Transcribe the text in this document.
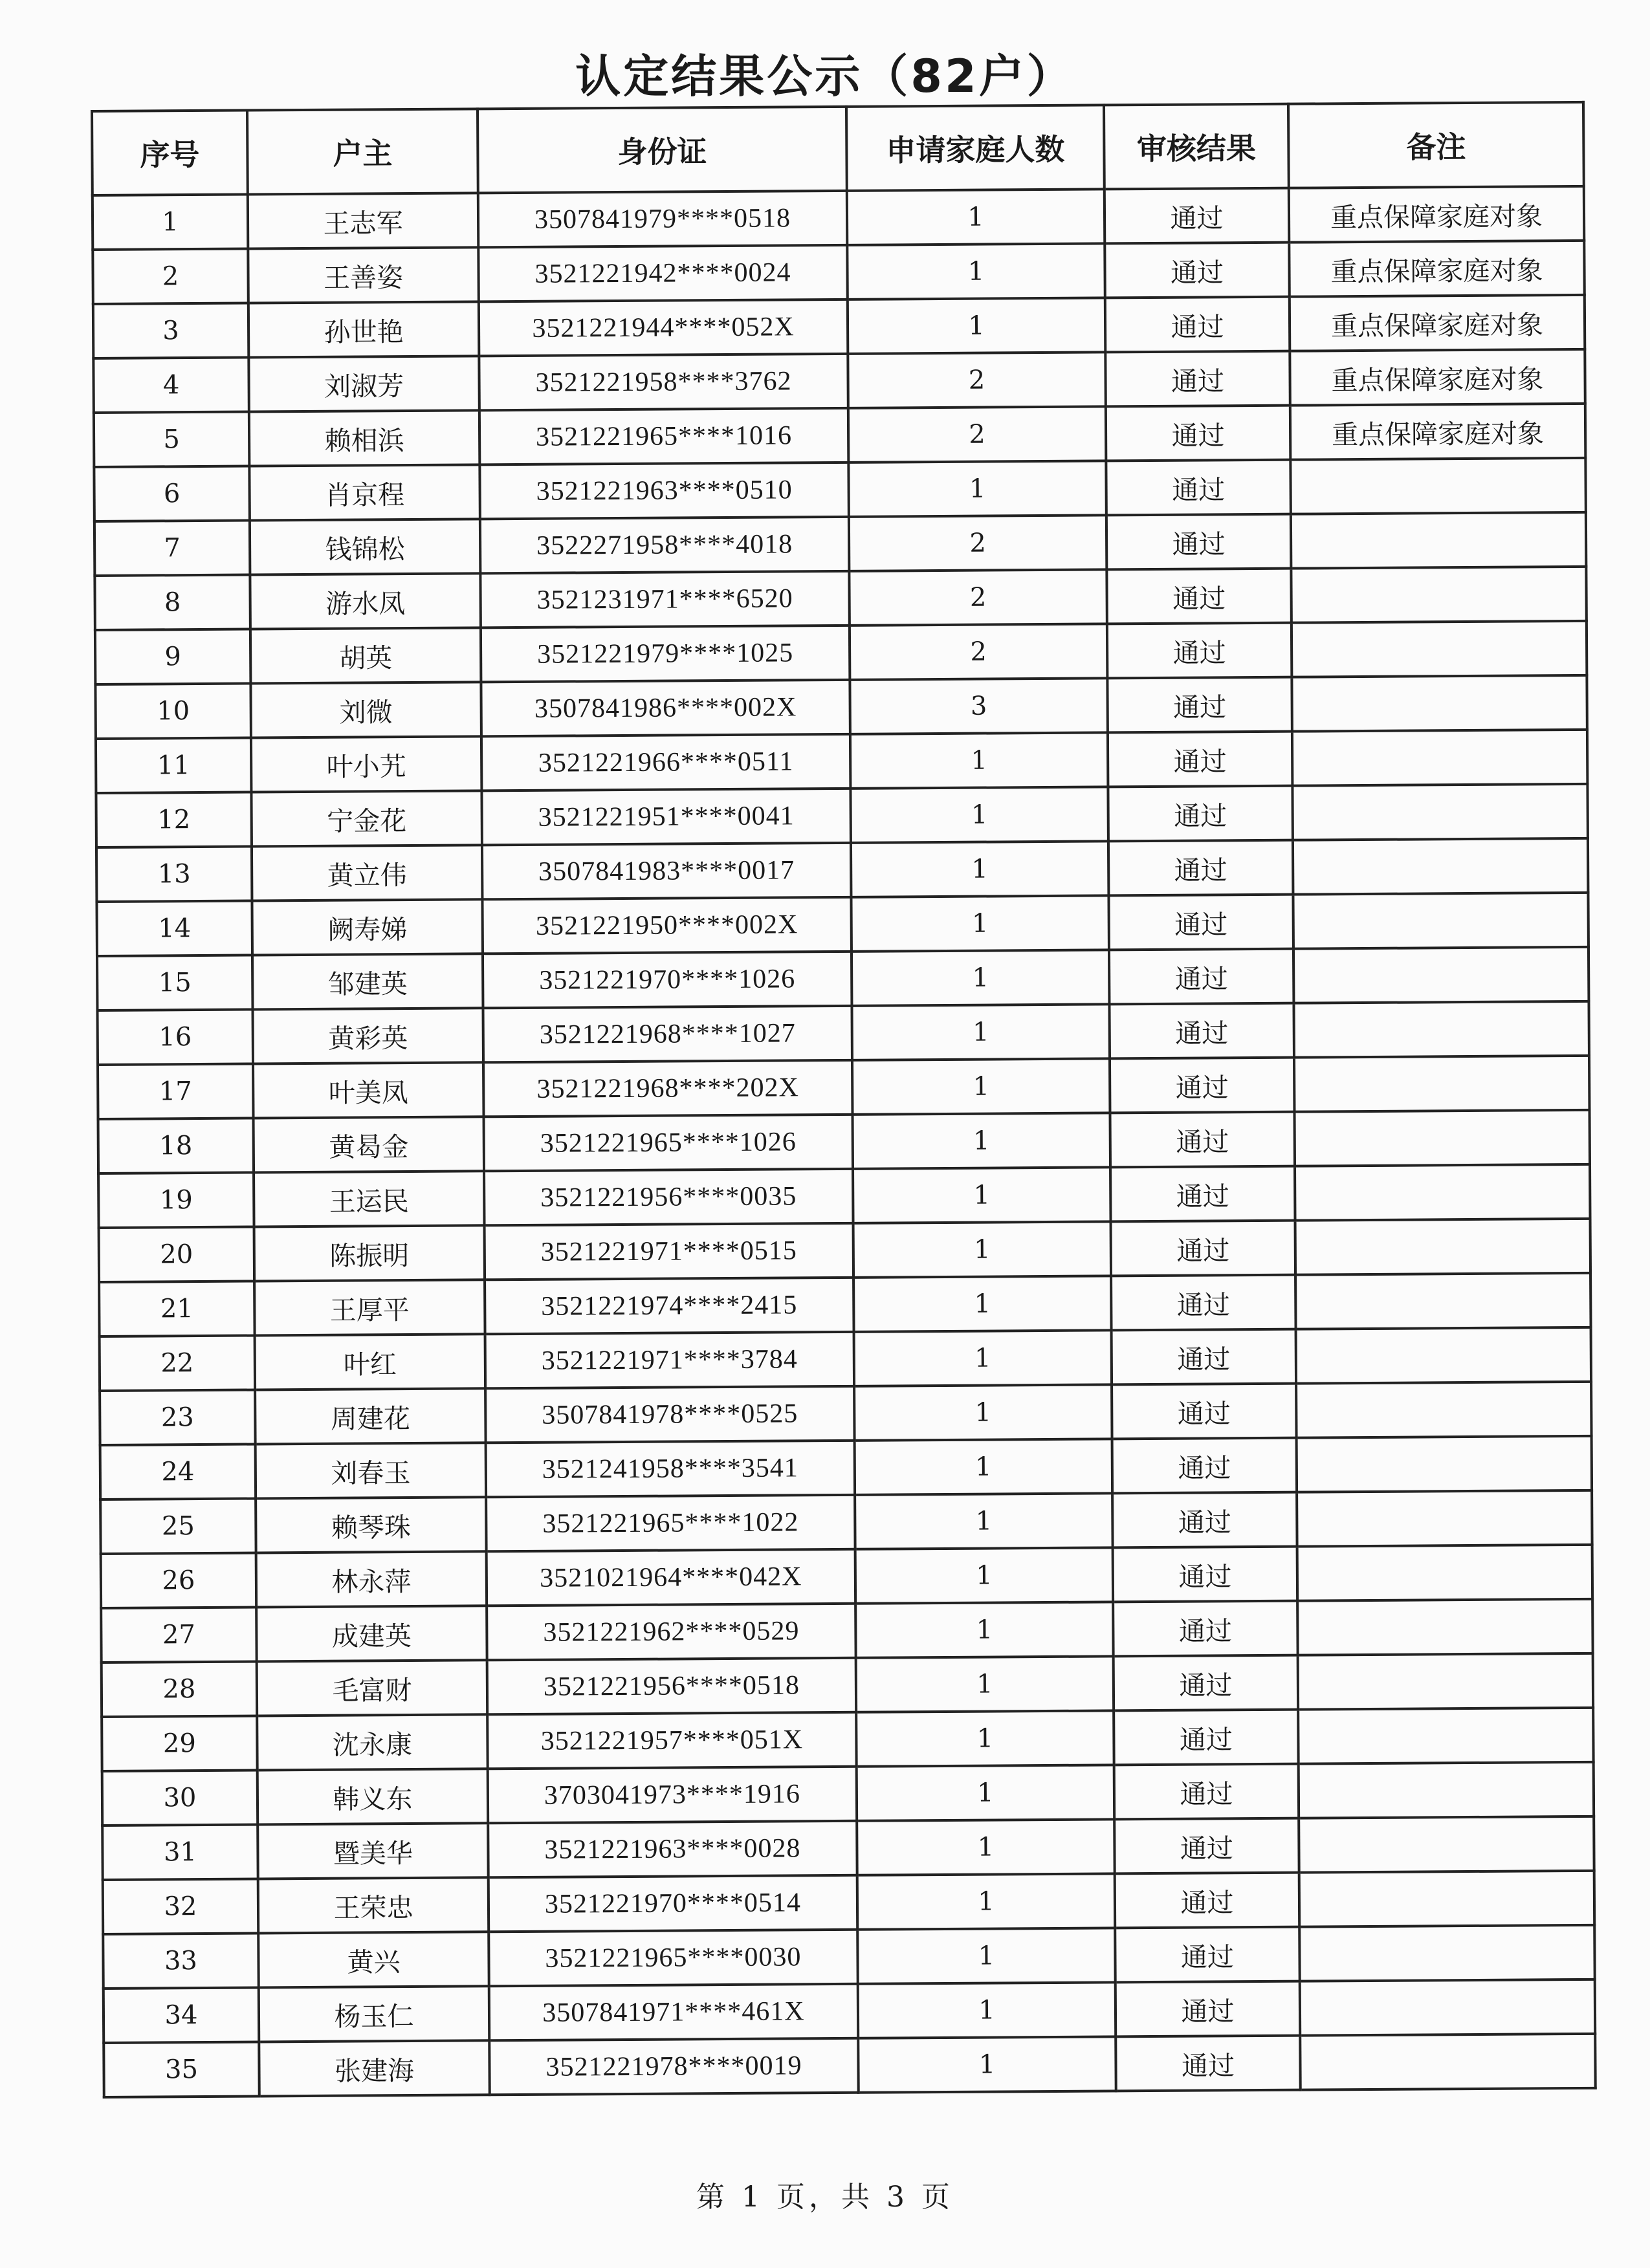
认定结果公示（82户）
序号	户主	身份证	申请家庭人数	审核结果	备注
1	王志军	3507841979****0518	1	通过	重点保障家庭对象
2	王善姿	3521221942****0024	1	通过	重点保障家庭对象
3	孙世艳	3521221944****052X	1	通过	重点保障家庭对象
4	刘淑芳	3521221958****3762	2	通过	重点保障家庭对象
5	赖相浜	3521221965****1016	2	通过	重点保障家庭对象
6	肖京程	3521221963****0510	1	通过	
7	钱锦松	3522271958****4018	2	通过	
8	游水凤	3521231971****6520	2	通过	
9	胡英	3521221979****1025	2	通过	
10	刘微	3507841986****002X	3	通过	
11	叶小艽	3521221966****0511	1	通过	
12	宁金花	3521221951****0041	1	通过	
13	黄立伟	3507841983****0017	1	通过	
14	阙寿娣	3521221950****002X	1	通过	
15	邹建英	3521221970****1026	1	通过	
16	黄彩英	3521221968****1027	1	通过	
17	叶美凤	3521221968****202X	1	通过	
18	黄曷金	3521221965****1026	1	通过	
19	王运民	3521221956****0035	1	通过	
20	陈振明	3521221971****0515	1	通过	
21	王厚平	3521221974****2415	1	通过	
22	叶红	3521221971****3784	1	通过	
23	周建花	3507841978****0525	1	通过	
24	刘春玉	3521241958****3541	1	通过	
25	赖琴珠	3521221965****1022	1	通过	
26	林永萍	3521021964****042X	1	通过	
27	成建英	3521221962****0529	1	通过	
28	毛富财	3521221956****0518	1	通过	
29	沈永康	3521221957****051X	1	通过	
30	韩义东	3703041973****1916	1	通过	
31	暨美华	3521221963****0028	1	通过	
32	王荣忠	3521221970****0514	1	通过	
33	黄兴	3521221965****0030	1	通过	
34	杨玉仁	3507841971****461X	1	通过	
35	张建海	3521221978****0019	1	通过	
第 1 页，共 3 页
